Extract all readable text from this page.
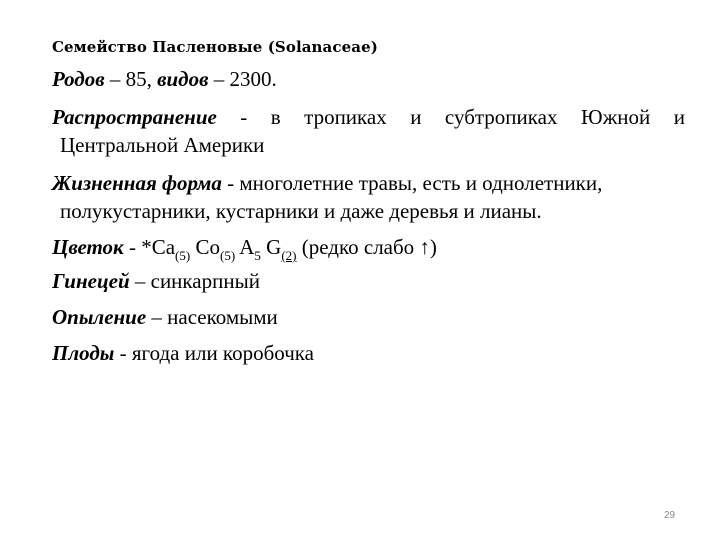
Семейство Пасленовые (Solanaceae)
Родов – 85, видов – 2300.
Распространение - в тропиках и субтропиках Южной и
Центральной Америки
Жизненная форма - многолетние травы, есть и однолетники,
полукустарники, кустарники и даже деревья и лианы.
Цветок - $*Ca_{(5)}$ $Co_{(5)}$ $A_5$ $G_{(2)}$ (редко слабо ↑)
Гинецей – синкарпный
Опыление – насекомыми
Плоды - ягода или коробочка
29
